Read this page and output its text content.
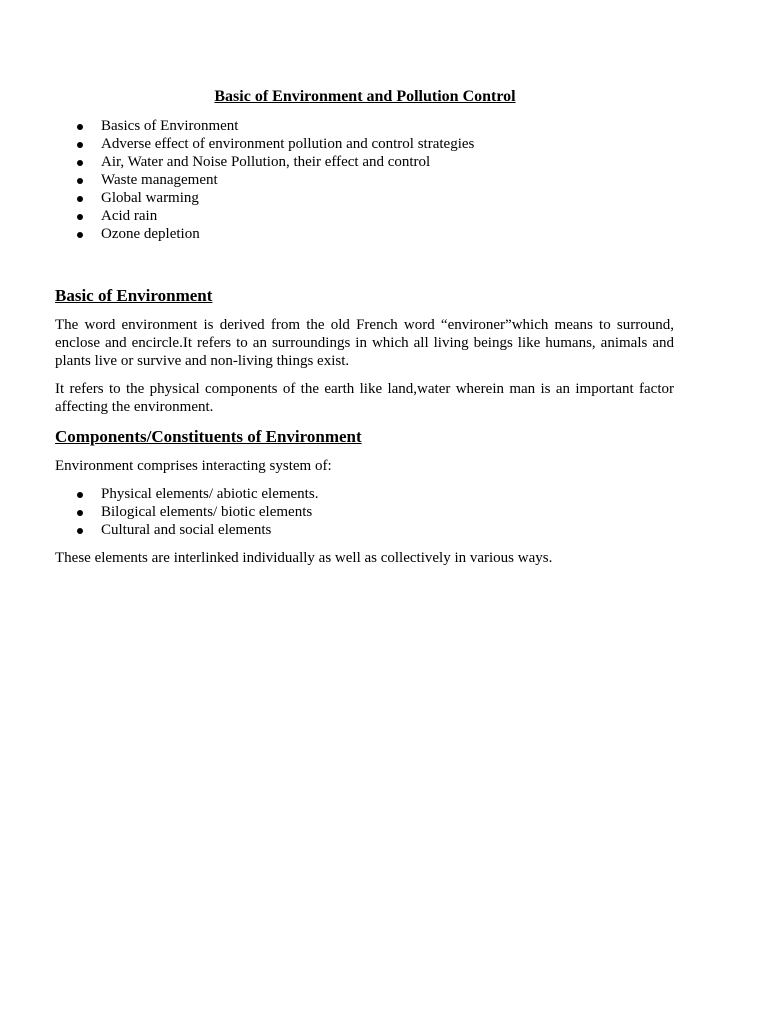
Basic of Environment and Pollution Control
Basics of Environment
Adverse effect of environment pollution and control strategies
Air, Water and Noise Pollution, their effect and control
Waste management
Global warming
Acid rain
Ozone depletion
Basic of Environment

The word environment is derived from the old French word “environer”which means to surround, enclose and encircle.It refers to an surroundings in which all living beings like humans, animals and plants live or survive and non-living things exist.

It refers to the physical components of the earth like land,water wherein man is an important factor affecting the environment.

Components/Constituents of Environment

Environment comprises interacting system of:

Physical elements/ abiotic elements.
Bilogical elements/ biotic elements
Cultural and social elements

These elements are interlinked individually as well as collectively in various ways.
